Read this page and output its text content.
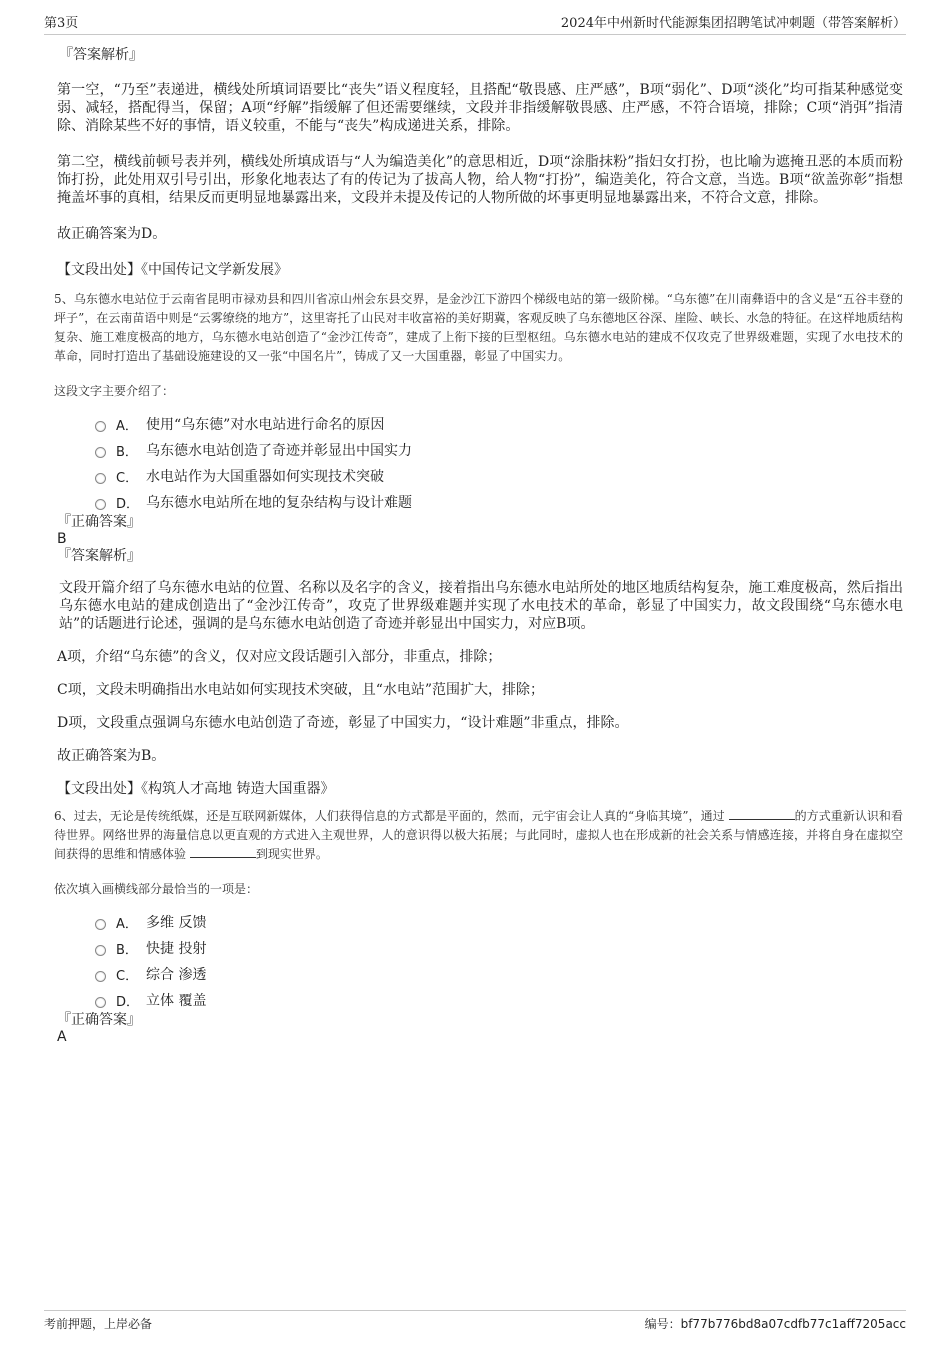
第3页	2024年中州新时代能源集团招聘笔试冲刺题（带答案解析）

『答案解析』

第一空，“乃至”表递进，横线处所填词语要比“丧失”语义程度轻，且搭配“敬畏感、庄严感”，B项“弱化”、D项“淡化”均可指某种感觉变弱、减轻，搭配得当，保留；A项“纾解”指缓解了但还需要继续，文段并非指缓解敬畏感、庄严感，不符合语境，排除；C项“消弭”指清除、消除某些不好的事情，语义较重，不能与“丧失”构成递进关系，排除。

第二空，横线前顿号表并列，横线处所填成语与“人为编造美化”的意思相近，D项“涂脂抹粉”指妇女打扮，也比喻为遮掩丑恶的本质而粉饰打扮，此处用双引号引出，形象化地表达了有的传记为了拔高人物，给人物“打扮”，编造美化，符合文意，当选。B项“欲盖弥彰”指想掩盖坏事的真相，结果反而更明显地暴露出来，文段并未提及传记的人物所做的坏事更明显地暴露出来，不符合文意，排除。

故正确答案为D。

【文段出处】《中国传记文学新发展》

5、乌东德水电站位于云南省昆明市禄劝县和四川省凉山州会东县交界，是金沙江下游四个梯级电站的第一级阶梯。“乌东德”在川南彝语中的含义是“五谷丰登的坪子”，在云南苗语中则是“云雾缭绕的地方”，这里寄托了山民对丰收富裕的美好期冀，客观反映了乌东德地区谷深、崖险、峡长、水急的特征。在这样地质结构复杂、施工难度极高的地方，乌东德水电站创造了“金沙江传奇”，建成了上衔下接的巨型枢纽。乌东德水电站的建成不仅攻克了世界级难题，实现了水电技术的革命，同时打造出了基础设施建设的又一张“中国名片”，铸成了又一大国重器，彰显了中国实力。

这段文字主要介绍了：

A． 使用“乌东德”对水电站进行命名的原因
B． 乌东德水电站创造了奇迹并彰显出中国实力
C． 水电站作为大国重器如何实现技术突破
D． 乌东德水电站所在地的复杂结构与设计难题

『正确答案』

B

『答案解析』

文段开篇介绍了乌东德水电站的位置、名称以及名字的含义，接着指出乌东德水电站所处的地区地质结构复杂，施工难度极高，然后指出乌东德水电站的建成创造出了“金沙江传奇”，攻克了世界级难题并实现了水电技术的革命，彰显了中国实力，故文段围绕“乌东德水电站”的话题进行论述，强调的是乌东德水电站创造了奇迹并彰显出中国实力，对应B项。

A项，介绍“乌东德”的含义，仅对应文段话题引入部分，非重点，排除；

C项，文段未明确指出水电站如何实现技术突破，且“水电站”范围扩大，排除；

D项，文段重点强调乌东德水电站创造了奇迹，彰显了中国实力，“设计难题”非重点，排除。

故正确答案为B。

【文段出处】《构筑人才高地 铸造大国重器》

6、过去，无论是传统纸媒，还是互联网新媒体，人们获得信息的方式都是平面的，然而，元宇宙会让人真的“身临其境”，通过	的方式重新认识和看待世界。网络世界的海量信息以更直观的方式进入主观世界，人的意识得以极大拓展；与此同时，虚拟人也在形成新的社会关系与情感连接，并将自身在虚拟空间获得的思维和情感体验	到现实世界。

依次填入画横线部分最恰当的一项是：

A． 多维 反馈
B． 快捷 投射
C． 综合 渗透
D． 立体 覆盖

『正确答案』

A

考前押题，上岸必备	编号：bf77b776bd8a07cdfb77c1aff7205acc
